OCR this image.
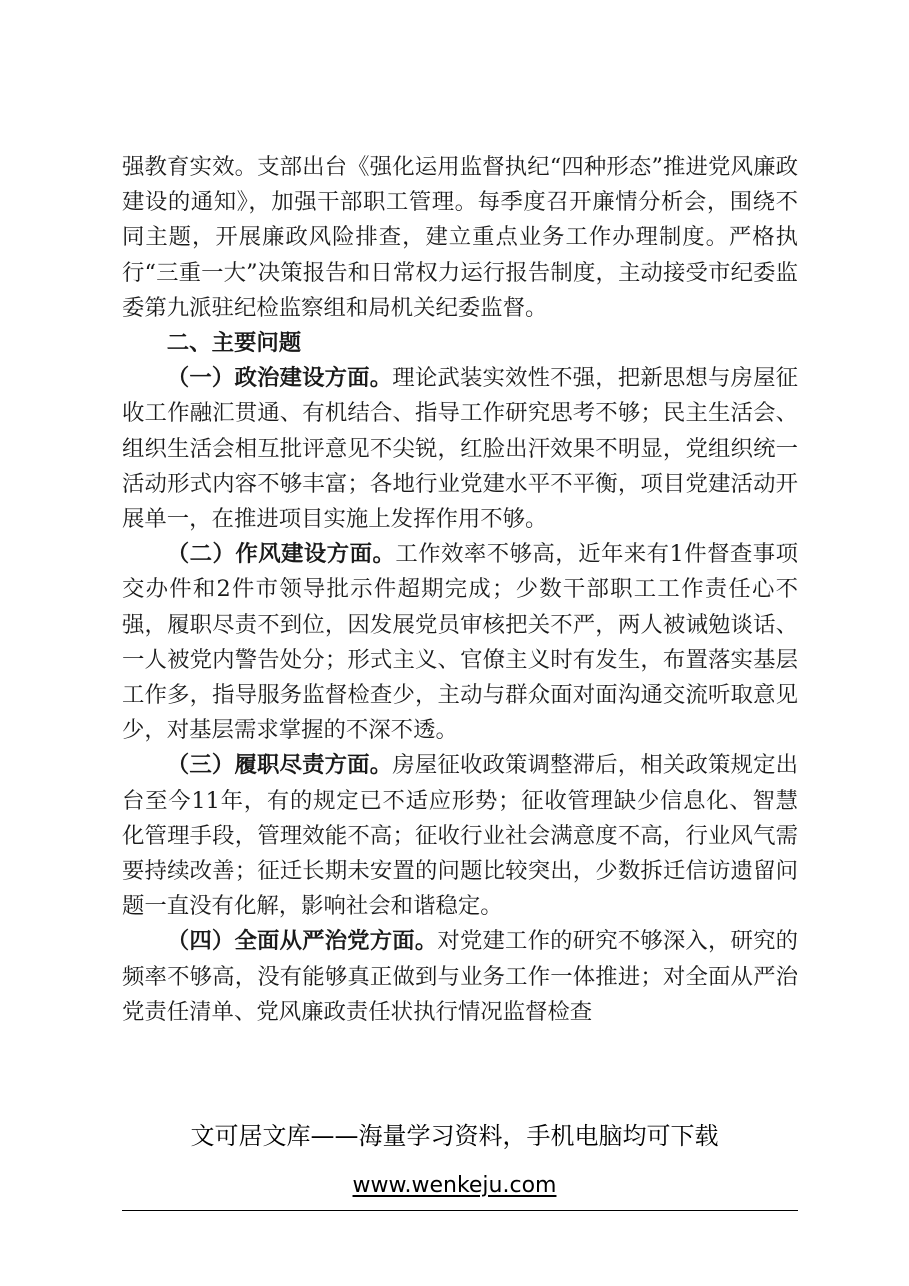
强教育实效。支部出台《强化运用监督执纪“四种形态”推进党风廉政建设的通知》，加强干部职工管理。每季度召开廉情分析会，围绕不同主题，开展廉政风险排查，建立重点业务工作办理制度。严格执行“三重一大”决策报告和日常权力运行报告制度，主动接受市纪委监委第九派驻纪检监察组和局机关纪委监督。

二、主要问题

（一）政治建设方面。理论武装实效性不强，把新思想与房屋征收工作融汇贯通、有机结合、指导工作研究思考不够；民主生活会、组织生活会相互批评意见不尖锐，红脸出汗效果不明显，党组织统一活动形式内容不够丰富；各地行业党建水平不平衡，项目党建活动开展单一，在推进项目实施上发挥作用不够。

（二）作风建设方面。工作效率不够高，近年来有1件督查事项交办件和2件市领导批示件超期完成；少数干部职工工作责任心不强，履职尽责不到位，因发展党员审核把关不严，两人被诫勉谈话、一人被党内警告处分；形式主义、官僚主义时有发生，布置落实基层工作多，指导服务监督检查少，主动与群众面对面沟通交流听取意见少，对基层需求掌握的不深不透。

（三）履职尽责方面。房屋征收政策调整滞后，相关政策规定出台至今11年，有的规定已不适应形势；征收管理缺少信息化、智慧化管理手段，管理效能不高；征收行业社会满意度不高，行业风气需要持续改善；征迁长期未安置的问题比较突出，少数拆迁信访遗留问题一直没有化解，影响社会和谐稳定。

（四）全面从严治党方面。对党建工作的研究不够深入，研究的频率不够高，没有能够真正做到与业务工作一体推进；对全面从严治党责任清单、党风廉政责任状执行情况监督检查

文可居文库——海量学习资料，手机电脑均可下载
www.wenkeju.com
